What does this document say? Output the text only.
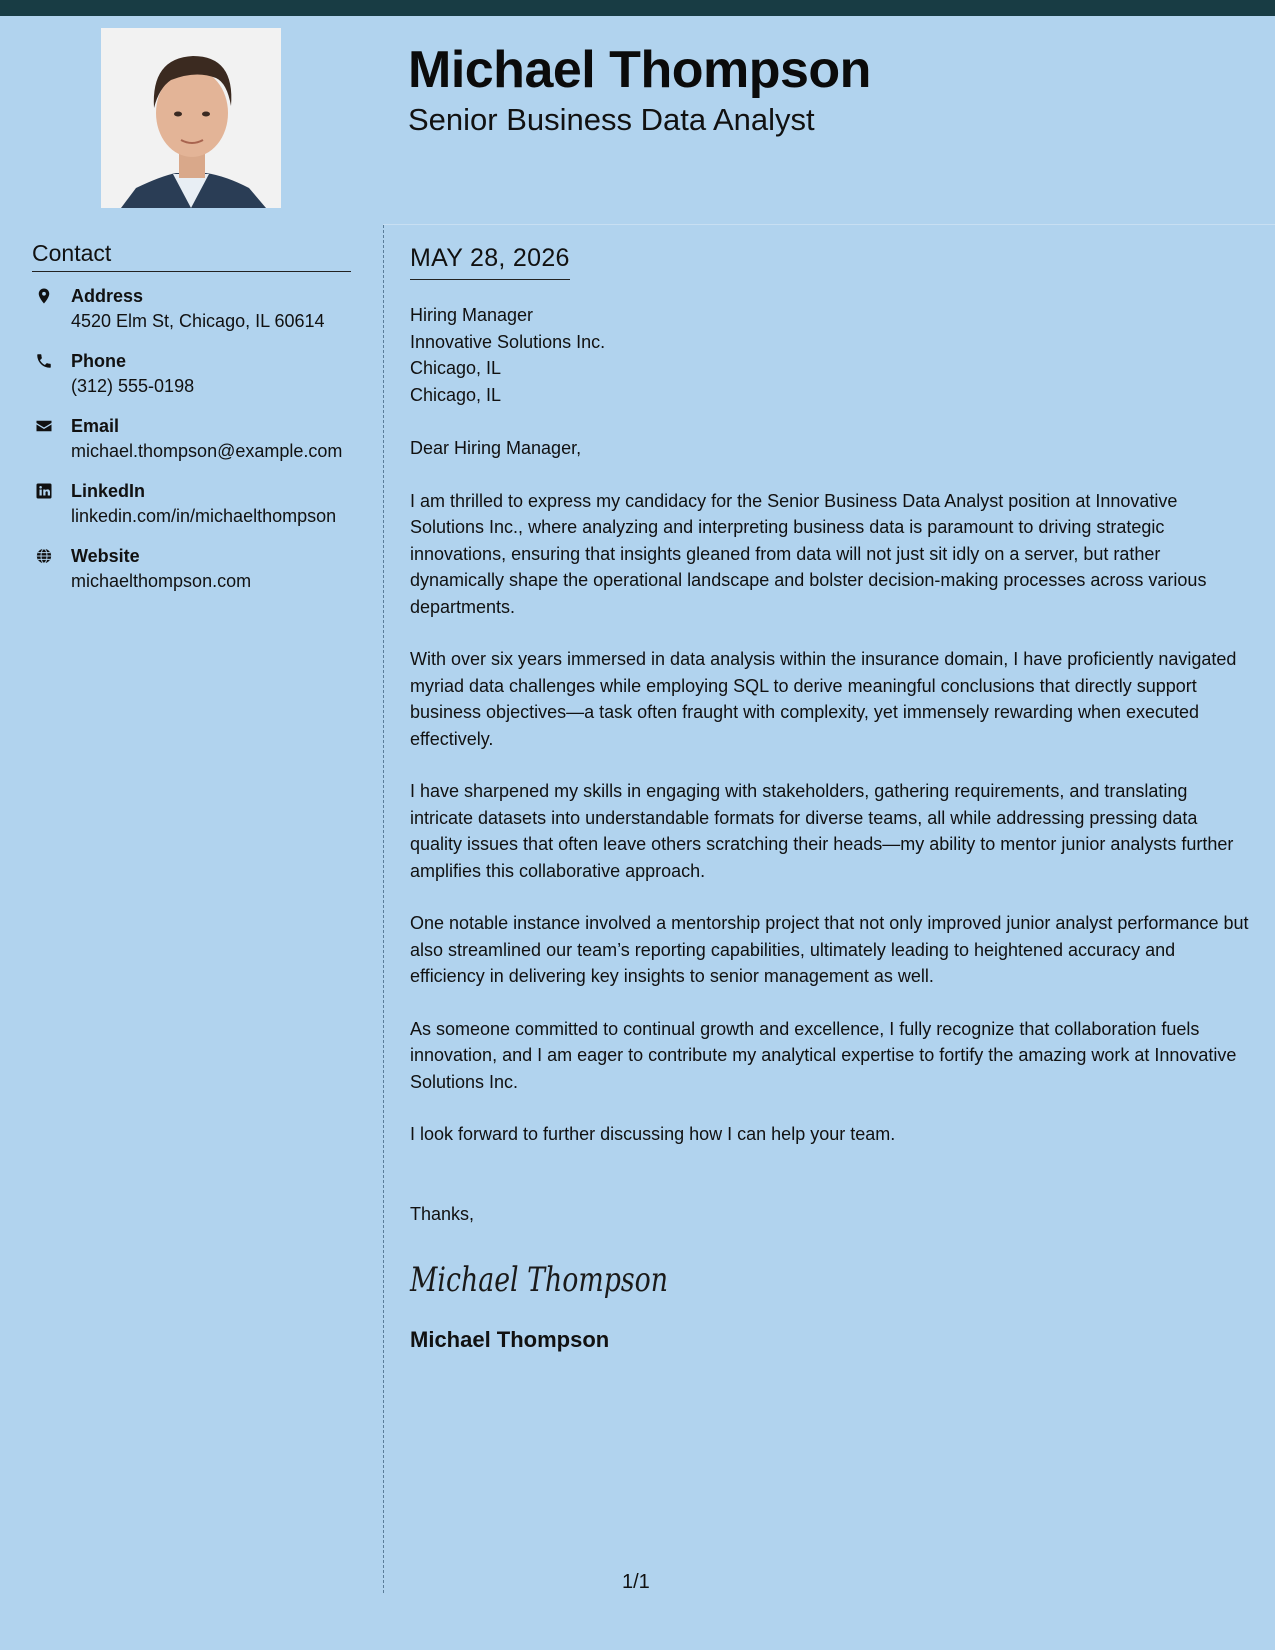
Michael Thompson
Senior Business Data Analyst
Contact
Address
4520 Elm St, Chicago, IL 60614
Phone
(312) 555-0198
Email
michael.thompson@example.com
LinkedIn
linkedin.com/in/michaelthompson
Website
michaelthompson.com
MAY 28, 2026
Hiring Manager
Innovative Solutions Inc.
Chicago, IL
Chicago, IL

Dear Hiring Manager,

I am thrilled to express my candidacy for the Senior Business Data Analyst position at Innovative Solutions Inc., where analyzing and interpreting business data is paramount to driving strategic innovations, ensuring that insights gleaned from data will not just sit idly on a server, but rather dynamically shape the operational landscape and bolster decision-making processes across various departments.

With over six years immersed in data analysis within the insurance domain, I have proficiently navigated myriad data challenges while employing SQL to derive meaningful conclusions that directly support business objectives—a task often fraught with complexity, yet immensely rewarding when executed effectively.

I have sharpened my skills in engaging with stakeholders, gathering requirements, and translating intricate datasets into understandable formats for diverse teams, all while addressing pressing data quality issues that often leave others scratching their heads—my ability to mentor junior analysts further amplifies this collaborative approach.

One notable instance involved a mentorship project that not only improved junior analyst performance but also streamlined our team’s reporting capabilities, ultimately leading to heightened accuracy and efficiency in delivering key insights to senior management as well.

As someone committed to continual growth and excellence, I fully recognize that collaboration fuels innovation, and I am eager to contribute my analytical expertise to fortify the amazing work at Innovative Solutions Inc.

I look forward to further discussing how I can help your team.

Thanks,

Michael Thompson
Michael Thompson
1/1
